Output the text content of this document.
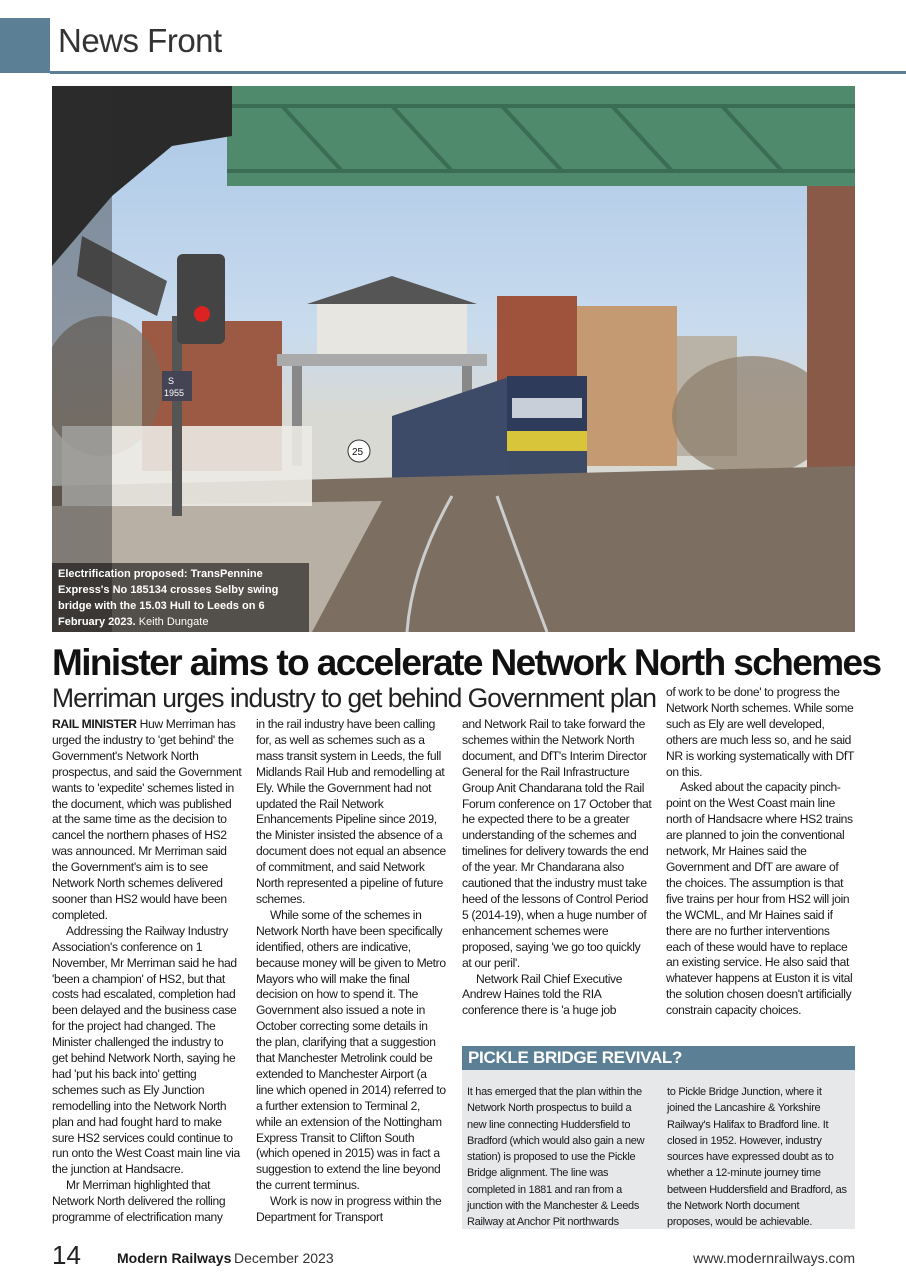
News Front
S
1955
25
Electrification proposed: TransPennine Express's No 185134 crosses Selby swing bridge with the 15.03 Hull to Leeds on 6 February 2023. Keith Dungate
Minister aims to accelerate Network North schemes
Merriman urges industry to get behind Government plan

RAIL MINISTER Huw Merriman has urged the industry to 'get behind' the Government's Network North prospectus, and said the Government wants to 'expedite' schemes listed in the document, which was published at the same time as the decision to cancel the northern phases of HS2 was announced. Mr Merriman said the Government's aim is to see Network North schemes delivered sooner than HS2 would have been completed.

Addressing the Railway Industry Association's conference on 1 November, Mr Merriman said he had 'been a champion' of HS2, but that costs had escalated, completion had been delayed and the business case for the project had changed. The Minister challenged the industry to get behind Network North, saying he had 'put his back into' getting schemes such as Ely Junction remodelling into the Network North plan and had fought hard to make sure HS2 services could continue to run onto the West Coast main line via the junction at Handsacre.

Mr Merriman highlighted that Network North delivered the rolling programme of electrification many

in the rail industry have been calling for, as well as schemes such as a mass transit system in Leeds, the full Midlands Rail Hub and remodelling at Ely. While the Government had not updated the Rail Network Enhancements Pipeline since 2019, the Minister insisted the absence of a document does not equal an absence of commitment, and said Network North represented a pipeline of future schemes.

While some of the schemes in Network North have been specifically identified, others are indicative, because money will be given to Metro Mayors who will make the final decision on how to spend it. The Government also issued a note in October correcting some details in the plan, clarifying that a suggestion that Manchester Metrolink could be extended to Manchester Airport (a line which opened in 2014) referred to a further extension to Terminal 2, while an extension of the Nottingham Express Transit to Clifton South (which opened in 2015) was in fact a suggestion to extend the line beyond the current terminus.

Work is now in progress within the Department for Transport

and Network Rail to take forward the schemes within the Network North document, and DfT's Interim Director General for the Rail Infrastructure Group Anit Chandarana told the Rail Forum conference on 17 October that he expected there to be a greater understanding of the schemes and timelines for delivery towards the end of the year. Mr Chandarana also cautioned that the industry must take heed of the lessons of Control Period 5 (2014-19), when a huge number of enhancement schemes were proposed, saying 'we go too quickly at our peril'.

Network Rail Chief Executive Andrew Haines told the RIA conference there is 'a huge job

of work to be done' to progress the Network North schemes. While some such as Ely are well developed, others are much less so, and he said NR is working systematically with DfT on this.

Asked about the capacity pinch-point on the West Coast main line north of Handsacre where HS2 trains are planned to join the conventional network, Mr Haines said the Government and DfT are aware of the choices. The assumption is that five trains per hour from HS2 will join the WCML, and Mr Haines said if there are no further interventions each of these would have to replace an existing service. He also said that whatever happens at Euston it is vital the solution chosen doesn't artificially constrain capacity choices.

PICKLE BRIDGE REVIVAL?
It has emerged that the plan within the Network North prospectus to build a new line connecting Huddersfield to Bradford (which would also gain a new station) is proposed to use the Pickle Bridge alignment. The line was completed in 1881 and ran from a junction with the Manchester & Leeds Railway at Anchor Pit northwards
to Pickle Bridge Junction, where it joined the Lancashire & Yorkshire Railway's Halifax to Bradford line. It closed in 1952. However, industry sources have expressed doubt as to whether a 12-minute journey time between Huddersfield and Bradford, as the Network North document proposes, would be achievable.
14	Modern Railways December 2023	www.modernrailways.com
